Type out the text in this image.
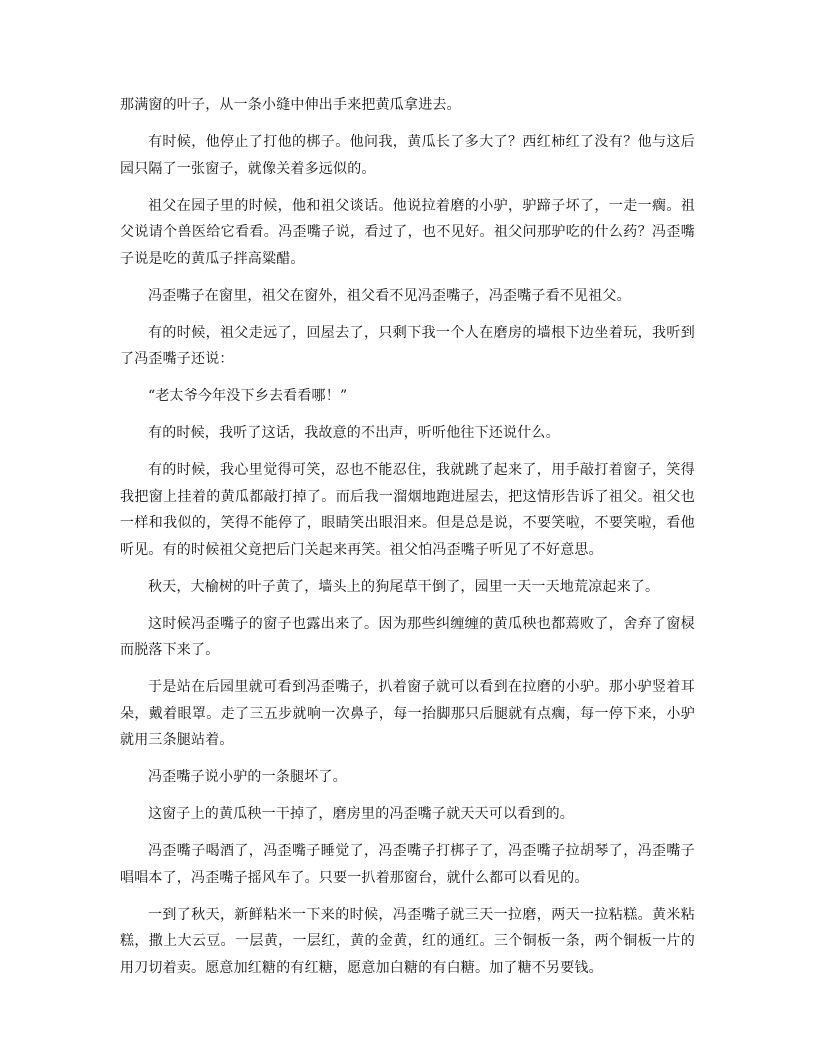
那满窗的叶子，从一条小缝中伸出手来把黄瓜拿进去。

有时候，他停止了打他的梆子。他问我，黄瓜长了多大了？西红柿红了没有？他与这后园只隔了一张窗子，就像关着多远似的。

祖父在园子里的时候，他和祖父谈话。他说拉着磨的小驴，驴蹄子坏了，一走一瘸。祖父说请个兽医给它看看。冯歪嘴子说，看过了，也不见好。祖父问那驴吃的什么药？冯歪嘴子说是吃的黄瓜子拌高粱醋。

冯歪嘴子在窗里，祖父在窗外，祖父看不见冯歪嘴子，冯歪嘴子看不见祖父。

有的时候，祖父走远了，回屋去了，只剩下我一个人在磨房的墙根下边坐着玩，我听到了冯歪嘴子还说：

“老太爷今年没下乡去看看哪！”

有的时候，我听了这话，我故意的不出声，听听他往下还说什么。

有的时候，我心里觉得可笑，忍也不能忍住，我就跳了起来了，用手敲打着窗子，笑得我把窗上挂着的黄瓜都敲打掉了。而后我一溜烟地跑进屋去，把这情形告诉了祖父。祖父也一样和我似的，笑得不能停了，眼睛笑出眼泪来。但是总是说，不要笑啦，不要笑啦，看他听见。有的时候祖父竟把后门关起来再笑。祖父怕冯歪嘴子听见了不好意思。

秋天，大榆树的叶子黄了，墙头上的狗尾草干倒了，园里一天一天地荒凉起来了。

这时候冯歪嘴子的窗子也露出来了。因为那些纠缠缠的黄瓜秧也都蔫败了，舍弃了窗棂而脱落下来了。

于是站在后园里就可看到冯歪嘴子，扒着窗子就可以看到在拉磨的小驴。那小驴竖着耳朵，戴着眼罩。走了三五步就响一次鼻子，每一抬脚那只后腿就有点瘸，每一停下来，小驴就用三条腿站着。

冯歪嘴子说小驴的一条腿坏了。

这窗子上的黄瓜秧一干掉了，磨房里的冯歪嘴子就天天可以看到的。

冯歪嘴子喝酒了，冯歪嘴子睡觉了，冯歪嘴子打梆子了，冯歪嘴子拉胡琴了，冯歪嘴子唱唱本了，冯歪嘴子摇风车了。只要一扒着那窗台，就什么都可以看见的。

一到了秋天，新鲜粘米一下来的时候，冯歪嘴子就三天一拉磨，两天一拉粘糕。黄米粘糕，撒上大云豆。一层黄，一层红，黄的金黄，红的通红。三个铜板一条，两个铜板一片的用刀切着卖。愿意加红糖的有红糖，愿意加白糖的有白糖。加了糖不另要钱。
